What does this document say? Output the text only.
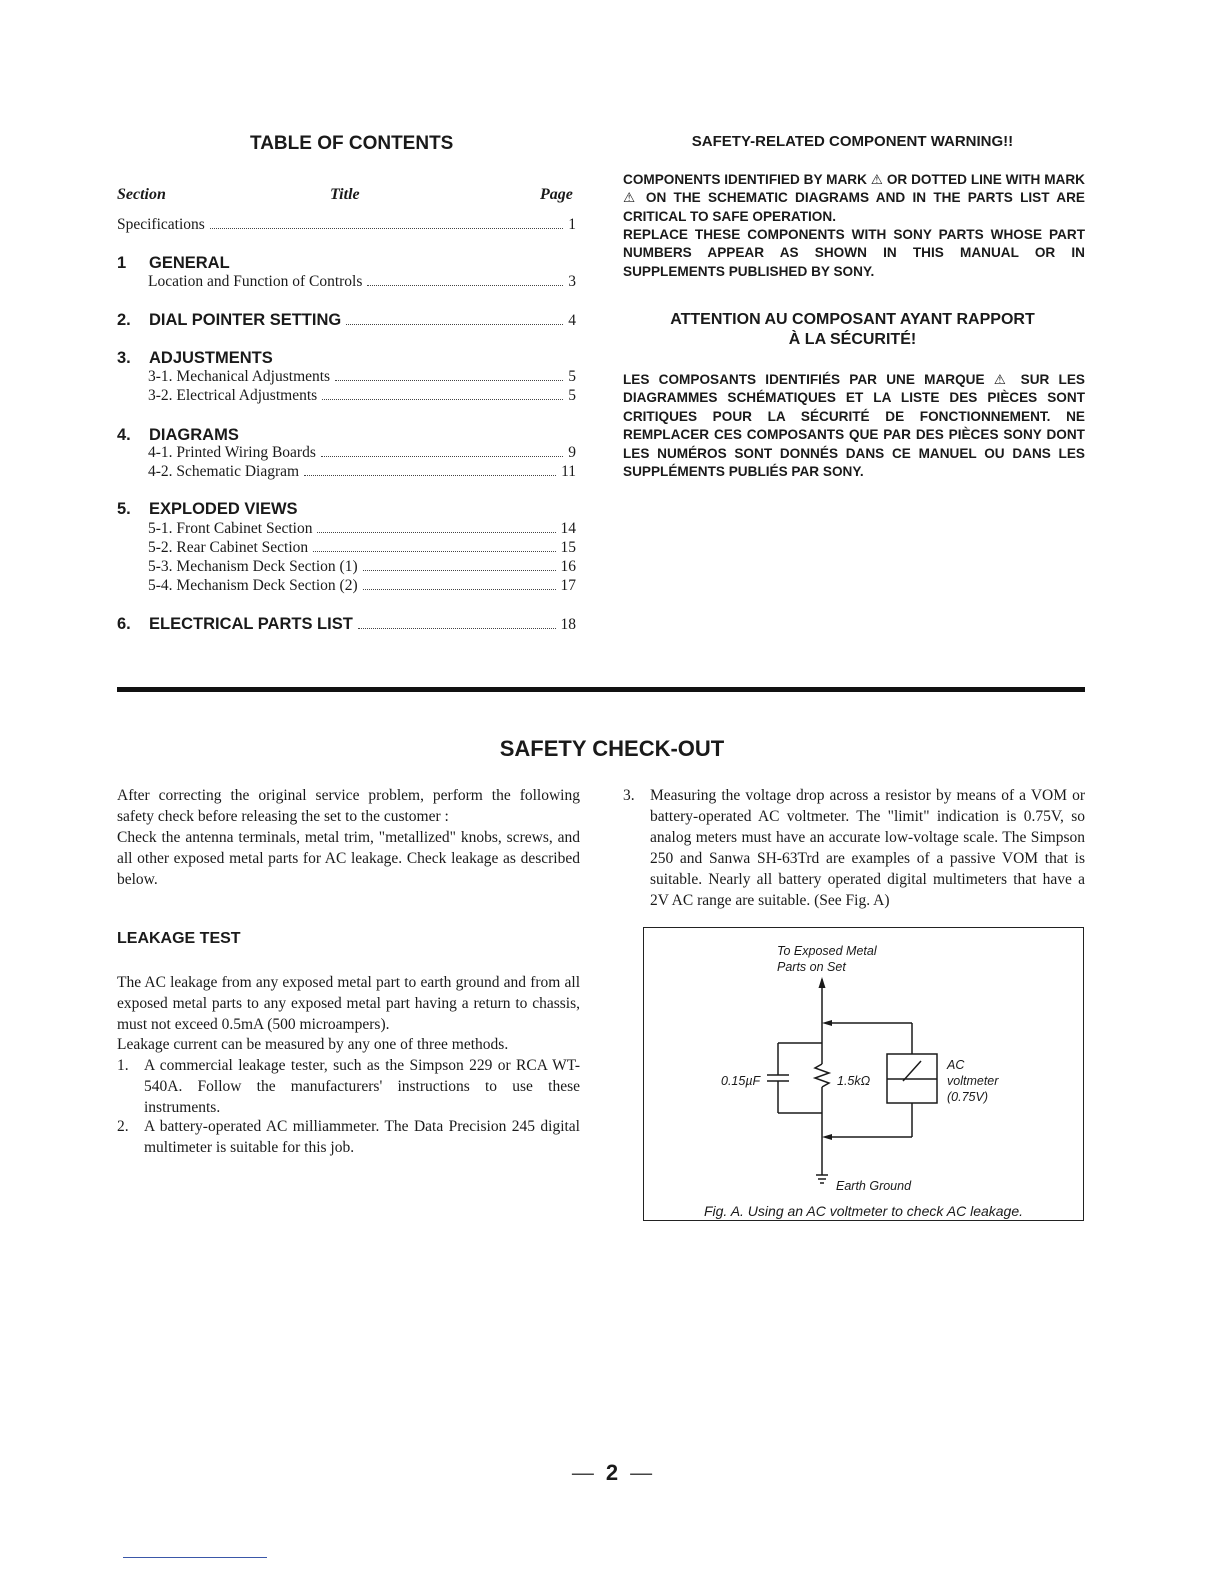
TABLE OF CONTENTS
Section	Title	Page
Specifications	1
1	GENERAL
Location and Function of Controls	3
2. DIAL POINTER SETTING	4
3.	ADJUSTMENTS
3-1. Mechanical Adjustments	5
3-2. Electrical Adjustments	5
4.	DIAGRAMS
4-1. Printed Wiring Boards	9
4-2. Schematic Diagram	11
5.	EXPLODED VIEWS
5-1. Front Cabinet Section	14
5-2. Rear Cabinet Section	15
5-3. Mechanism Deck Section (1)	16
5-4. Mechanism Deck Section (2)	17
6. ELECTRICAL PARTS LIST	18
SAFETY-RELATED COMPONENT WARNING!!
COMPONENTS IDENTIFIED BY MARK ⚠ OR DOTTED LINE WITH MARK ⚠ ON THE SCHEMATIC DIAGRAMS AND IN THE PARTS LIST ARE CRITICAL TO SAFE OPERATION.
REPLACE THESE COMPONENTS WITH SONY PARTS WHOSE PART NUMBERS APPEAR AS SHOWN IN THIS MANUAL OR IN SUPPLEMENTS PUBLISHED BY SONY.
ATTENTION AU COMPOSANT AYANT RAPPORT
À LA SÉCURITÉ!
LES COMPOSANTS IDENTIFIÉS PAR UNE MARQUE ⚠ SUR LES DIAGRAMMES SCHÉMATIQUES ET LA LISTE DES PIÈCES SONT CRITIQUES POUR LA SÉCURITÉ DE FONCTIONNEMENT. NE REMPLACER CES COMPOSANTS QUE PAR DES PIÈCES SONY DONT LES NUMÉROS SONT DONNÉS DANS CE MANUEL OU DANS LES SUPPLÉMENTS PUBLIÉS PAR SONY.
SAFETY CHECK-OUT
After correcting the original service problem, perform the following safety check before releasing the set to the customer :
Check the antenna terminals, metal trim, "metallized" knobs, screws, and all other exposed metal parts for AC leakage. Check leakage as described below.
LEAKAGE TEST
The AC leakage from any exposed metal part to earth ground and from all exposed metal parts to any exposed metal part having a return to chassis, must not exceed 0.5mA (500 microampers).
Leakage current can be measured by any one of three methods.
1. A commercial leakage tester, such as the Simpson 229 or RCA WT-540A. Follow the manufacturers' instructions to use these instruments.
2. A battery-operated AC milliammeter. The Data Precision 245 digital multimeter is suitable for this job.
3. Measuring the voltage drop across a resistor by means of a VOM or battery-operated AC voltmeter. The "limit" indication is 0.75V, so analog meters must have an accurate low-voltage scale. The Simpson 250 and Sanwa SH-63Trd are examples of a passive VOM that is suitable. Nearly all battery operated digital multimeters that have a 2V AC range are suitable. (See Fig. A)
To Exposed Metal
Parts on Set
0.15µF	1.5kΩ
AC
voltmeter
(0.75V)
Earth Ground
Fig. A. Using an AC voltmeter to check AC leakage.
— 2 —
